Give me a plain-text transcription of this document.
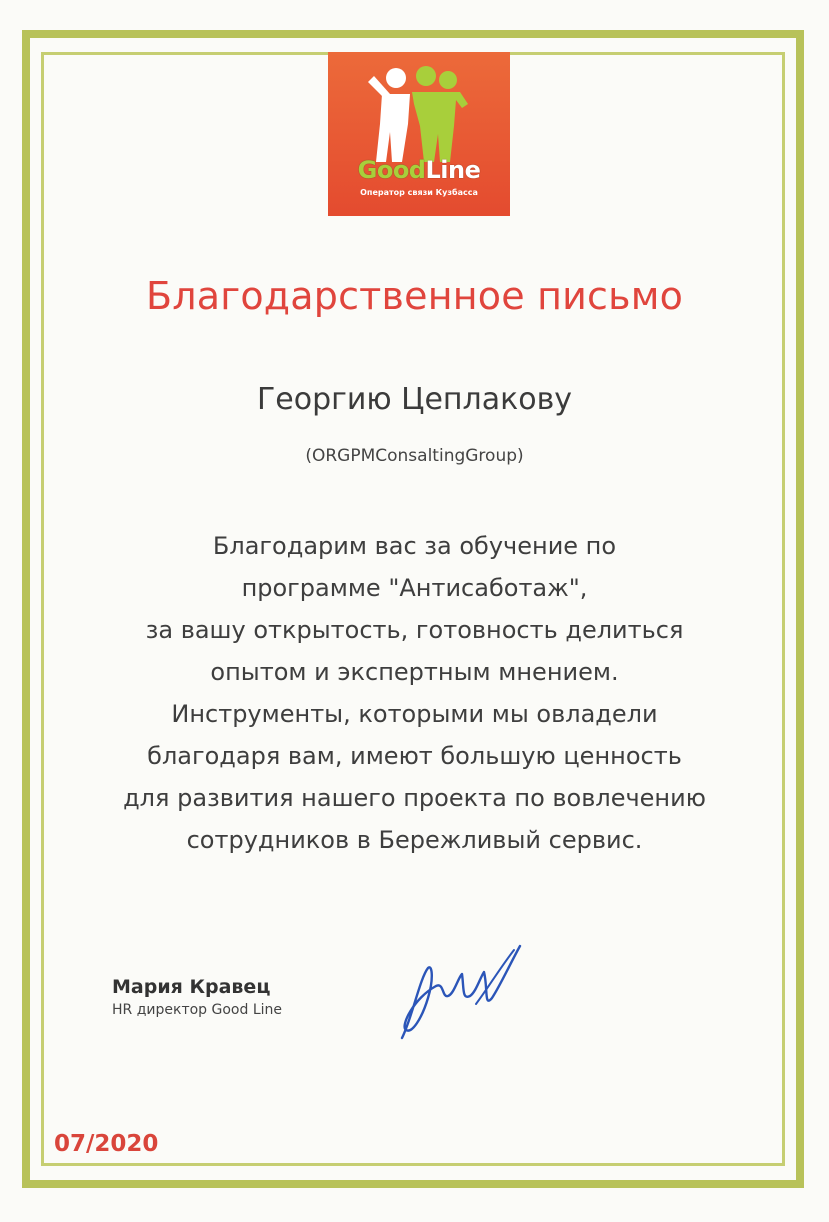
GoodLine
Оператор связи Кузбасса
Благодарственное письмо
Георгию Цеплакову
(ORGPMConsaltingGroup)
Благодарим вас за обучение по
программе "Антисаботаж",
за вашу открытость, готовность делиться
опытом и экспертным мнением.
Инструменты, которыми мы овладели
благодаря вам, имеют большую ценность
для развития нашего проекта по вовлечению
сотрудников в Бережливый сервис.
Мария Кравец
HR директор Good Line
07/2020
